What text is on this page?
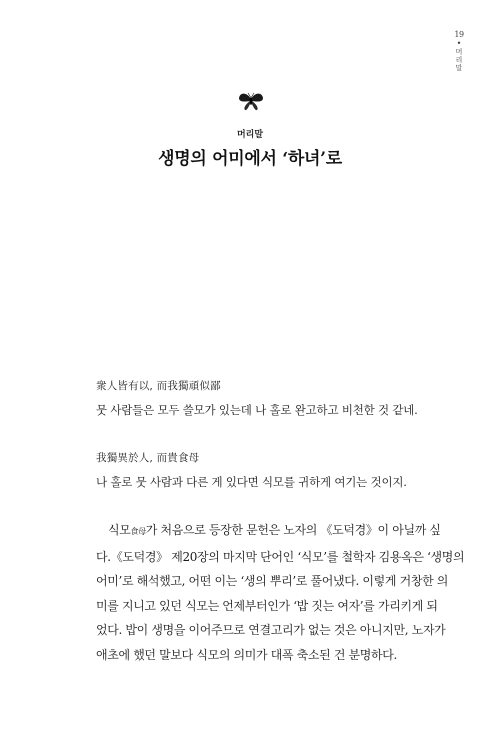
19
•
머리말
머리말
생명의 어미에서 ‘하녀’로
衆人皆有以, 而我獨頑似鄙
뭇 사람들은 모두 쓸모가 있는데 나 홀로 완고하고 비천한 것 같네.
我獨異於人, 而貴食母
나 홀로 뭇 사람과 다른 게 있다면 식모를 귀하게 여기는 것이지.
식모食母가 처음으로 등장한 문헌은 노자의 《도덕경》이 아닐까 싶
다.《도덕경》 제20장의 마지막 단어인 ‘식모’를 철학자 김용옥은 ‘생명의
어미’로 해석했고, 어떤 이는 ‘생의 뿌리’로 풀어냈다. 이렇게 거창한 의
미를 지니고 있던 식모는 언제부터인가 ‘밥 짓는 여자’를 가리키게 되
었다. 밥이 생명을 이어주므로 연결고리가 없는 것은 아니지만, 노자가
애초에 했던 말보다 식모의 의미가 대폭 축소된 건 분명하다.
